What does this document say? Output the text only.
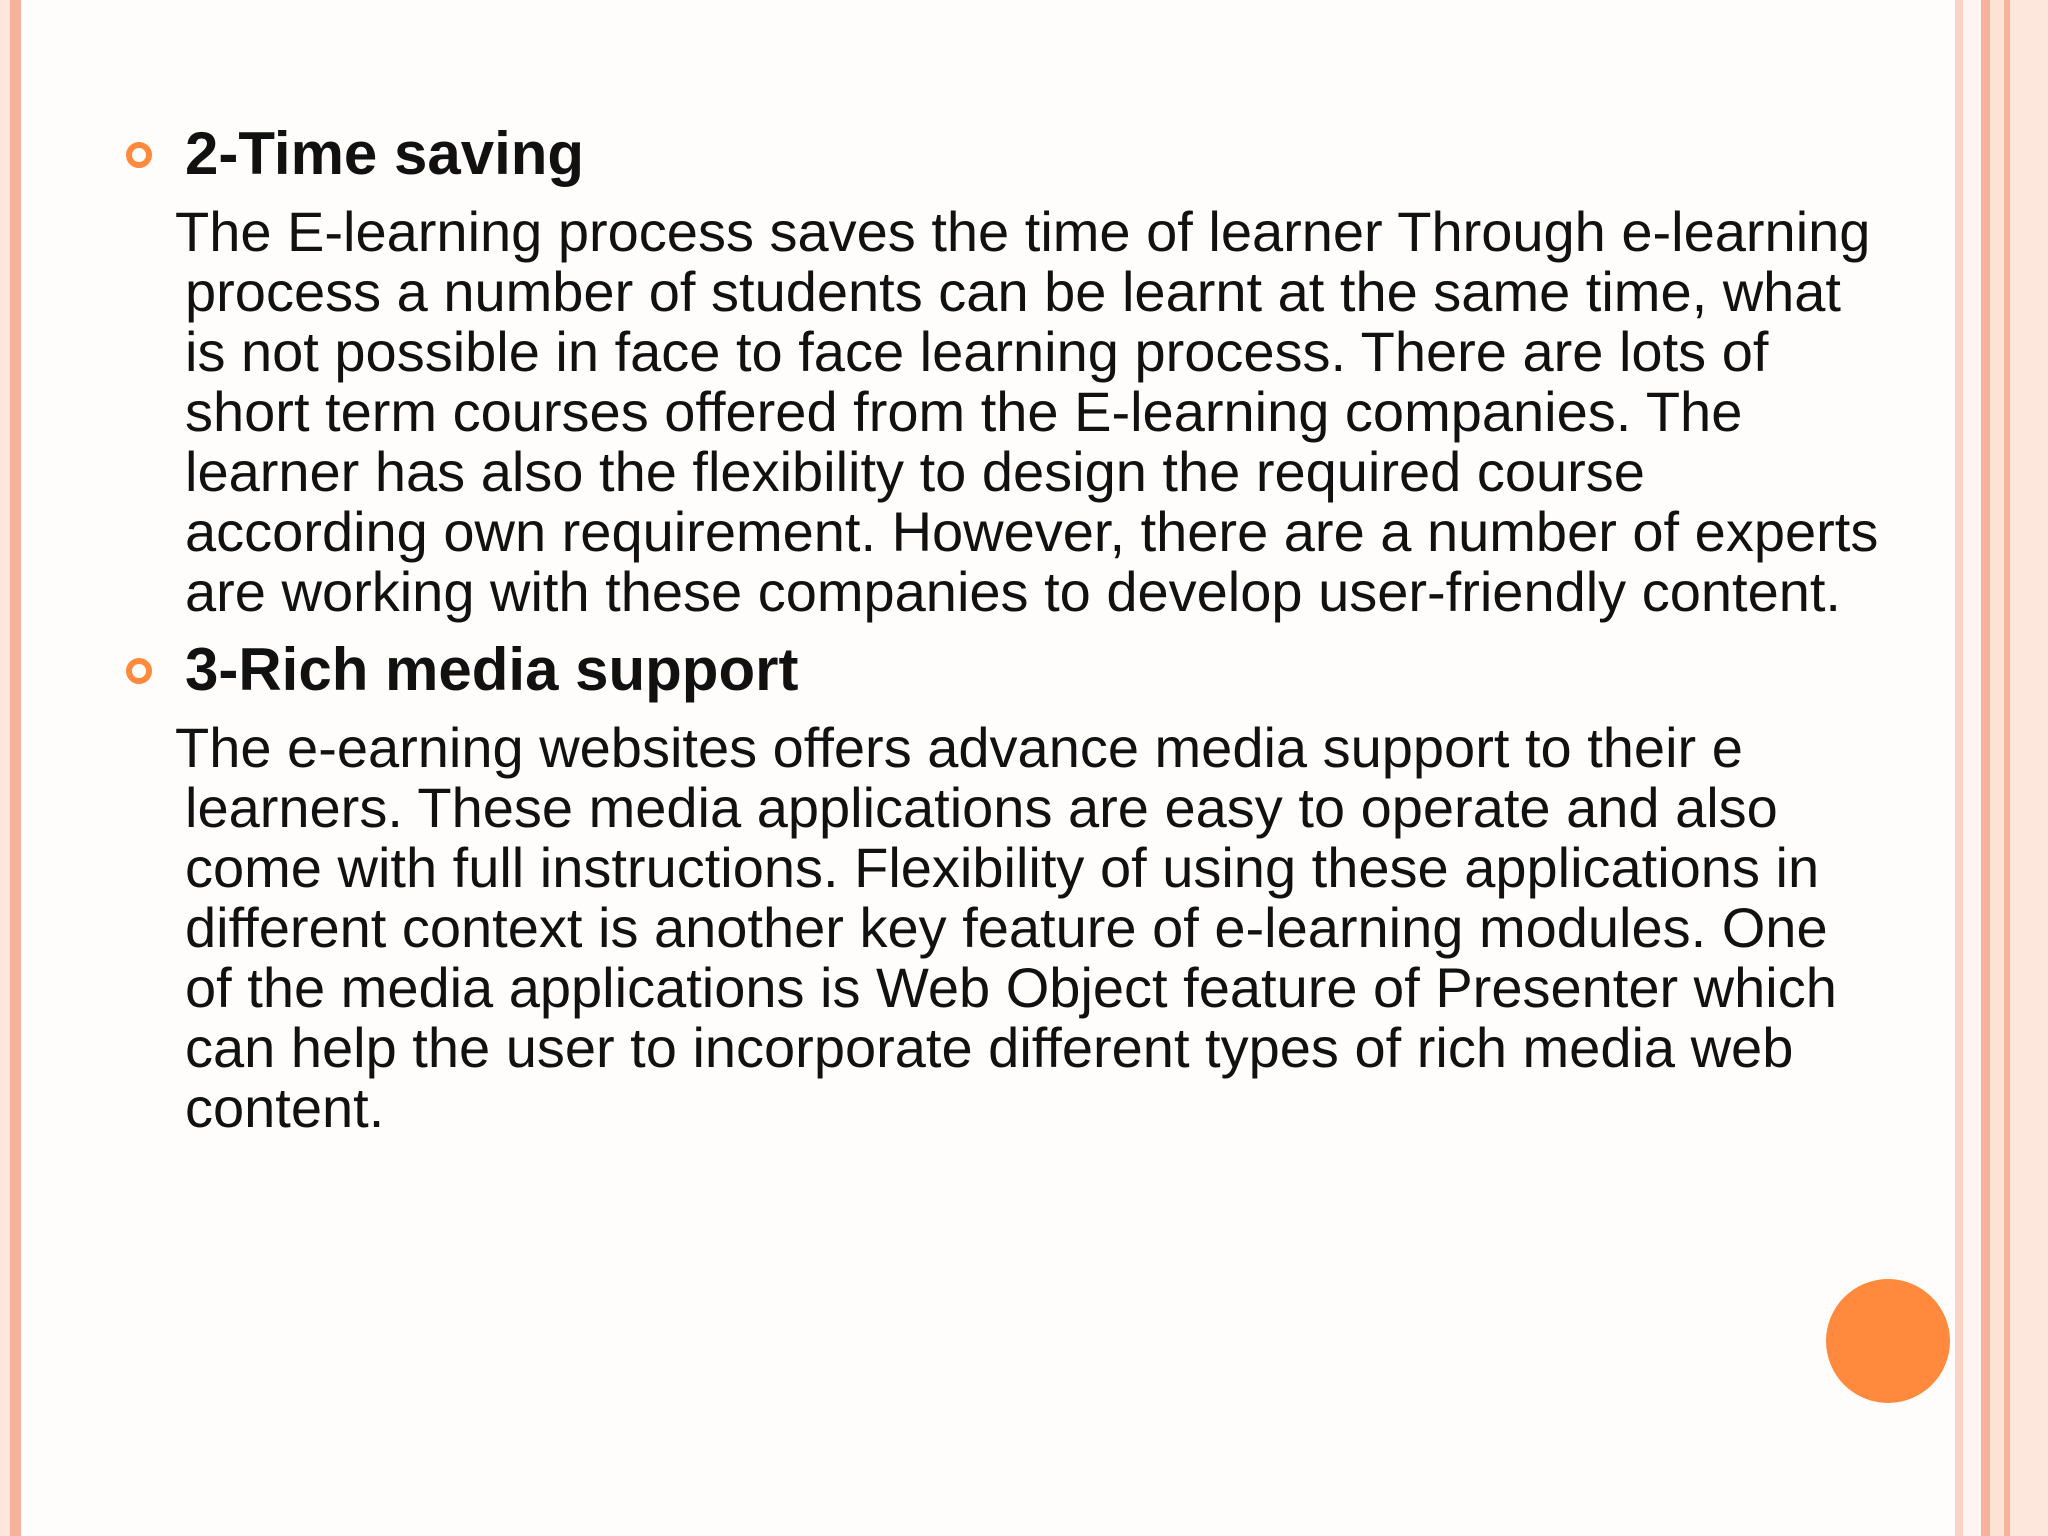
2-Time saving

The E-learning process saves the time of learner Through e-learning process a number of students can be learnt at the same time, what is not possible in face to face learning process. There are lots of short term courses offered from the E-learning companies. The learner has also the flexibility to design the required course according own requirement. However, there are a number of experts are working with these companies to develop user-friendly content.

3-Rich media support

The e-earning websites offers advance media support to their e learners. These media applications are easy to operate and also come with full instructions. Flexibility of using these applications in different context is another key feature of e-learning modules. One of the media applications is Web Object feature of Presenter which can help the user to incorporate different types of rich media web content.
